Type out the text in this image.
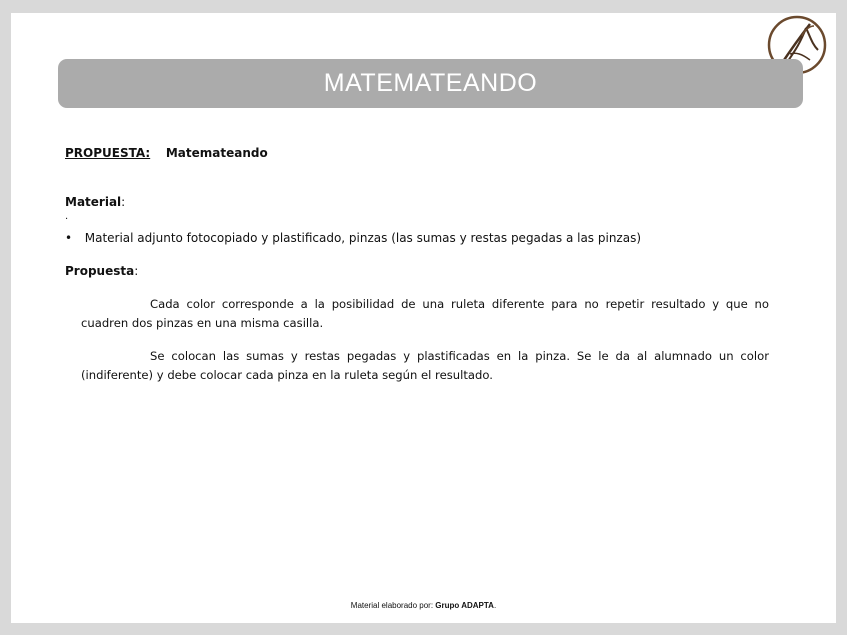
MATEMATEANDO
PROPUESTA: Matemateando
Material:
.
• Material adjunto fotocopiado y plastificado, pinzas (las sumas y restas pegadas a las pinzas)
Propuesta:
Cada color corresponde a la posibilidad de una ruleta diferente para no repetir resultado y que no cuadren dos pinzas en una misma casilla.
Se colocan las sumas y restas pegadas y plastificadas en la pinza. Se le da al alumnado un color (indiferente) y debe colocar cada pinza en la ruleta según el resultado.
Material elaborado por: Grupo ADAPTA.
